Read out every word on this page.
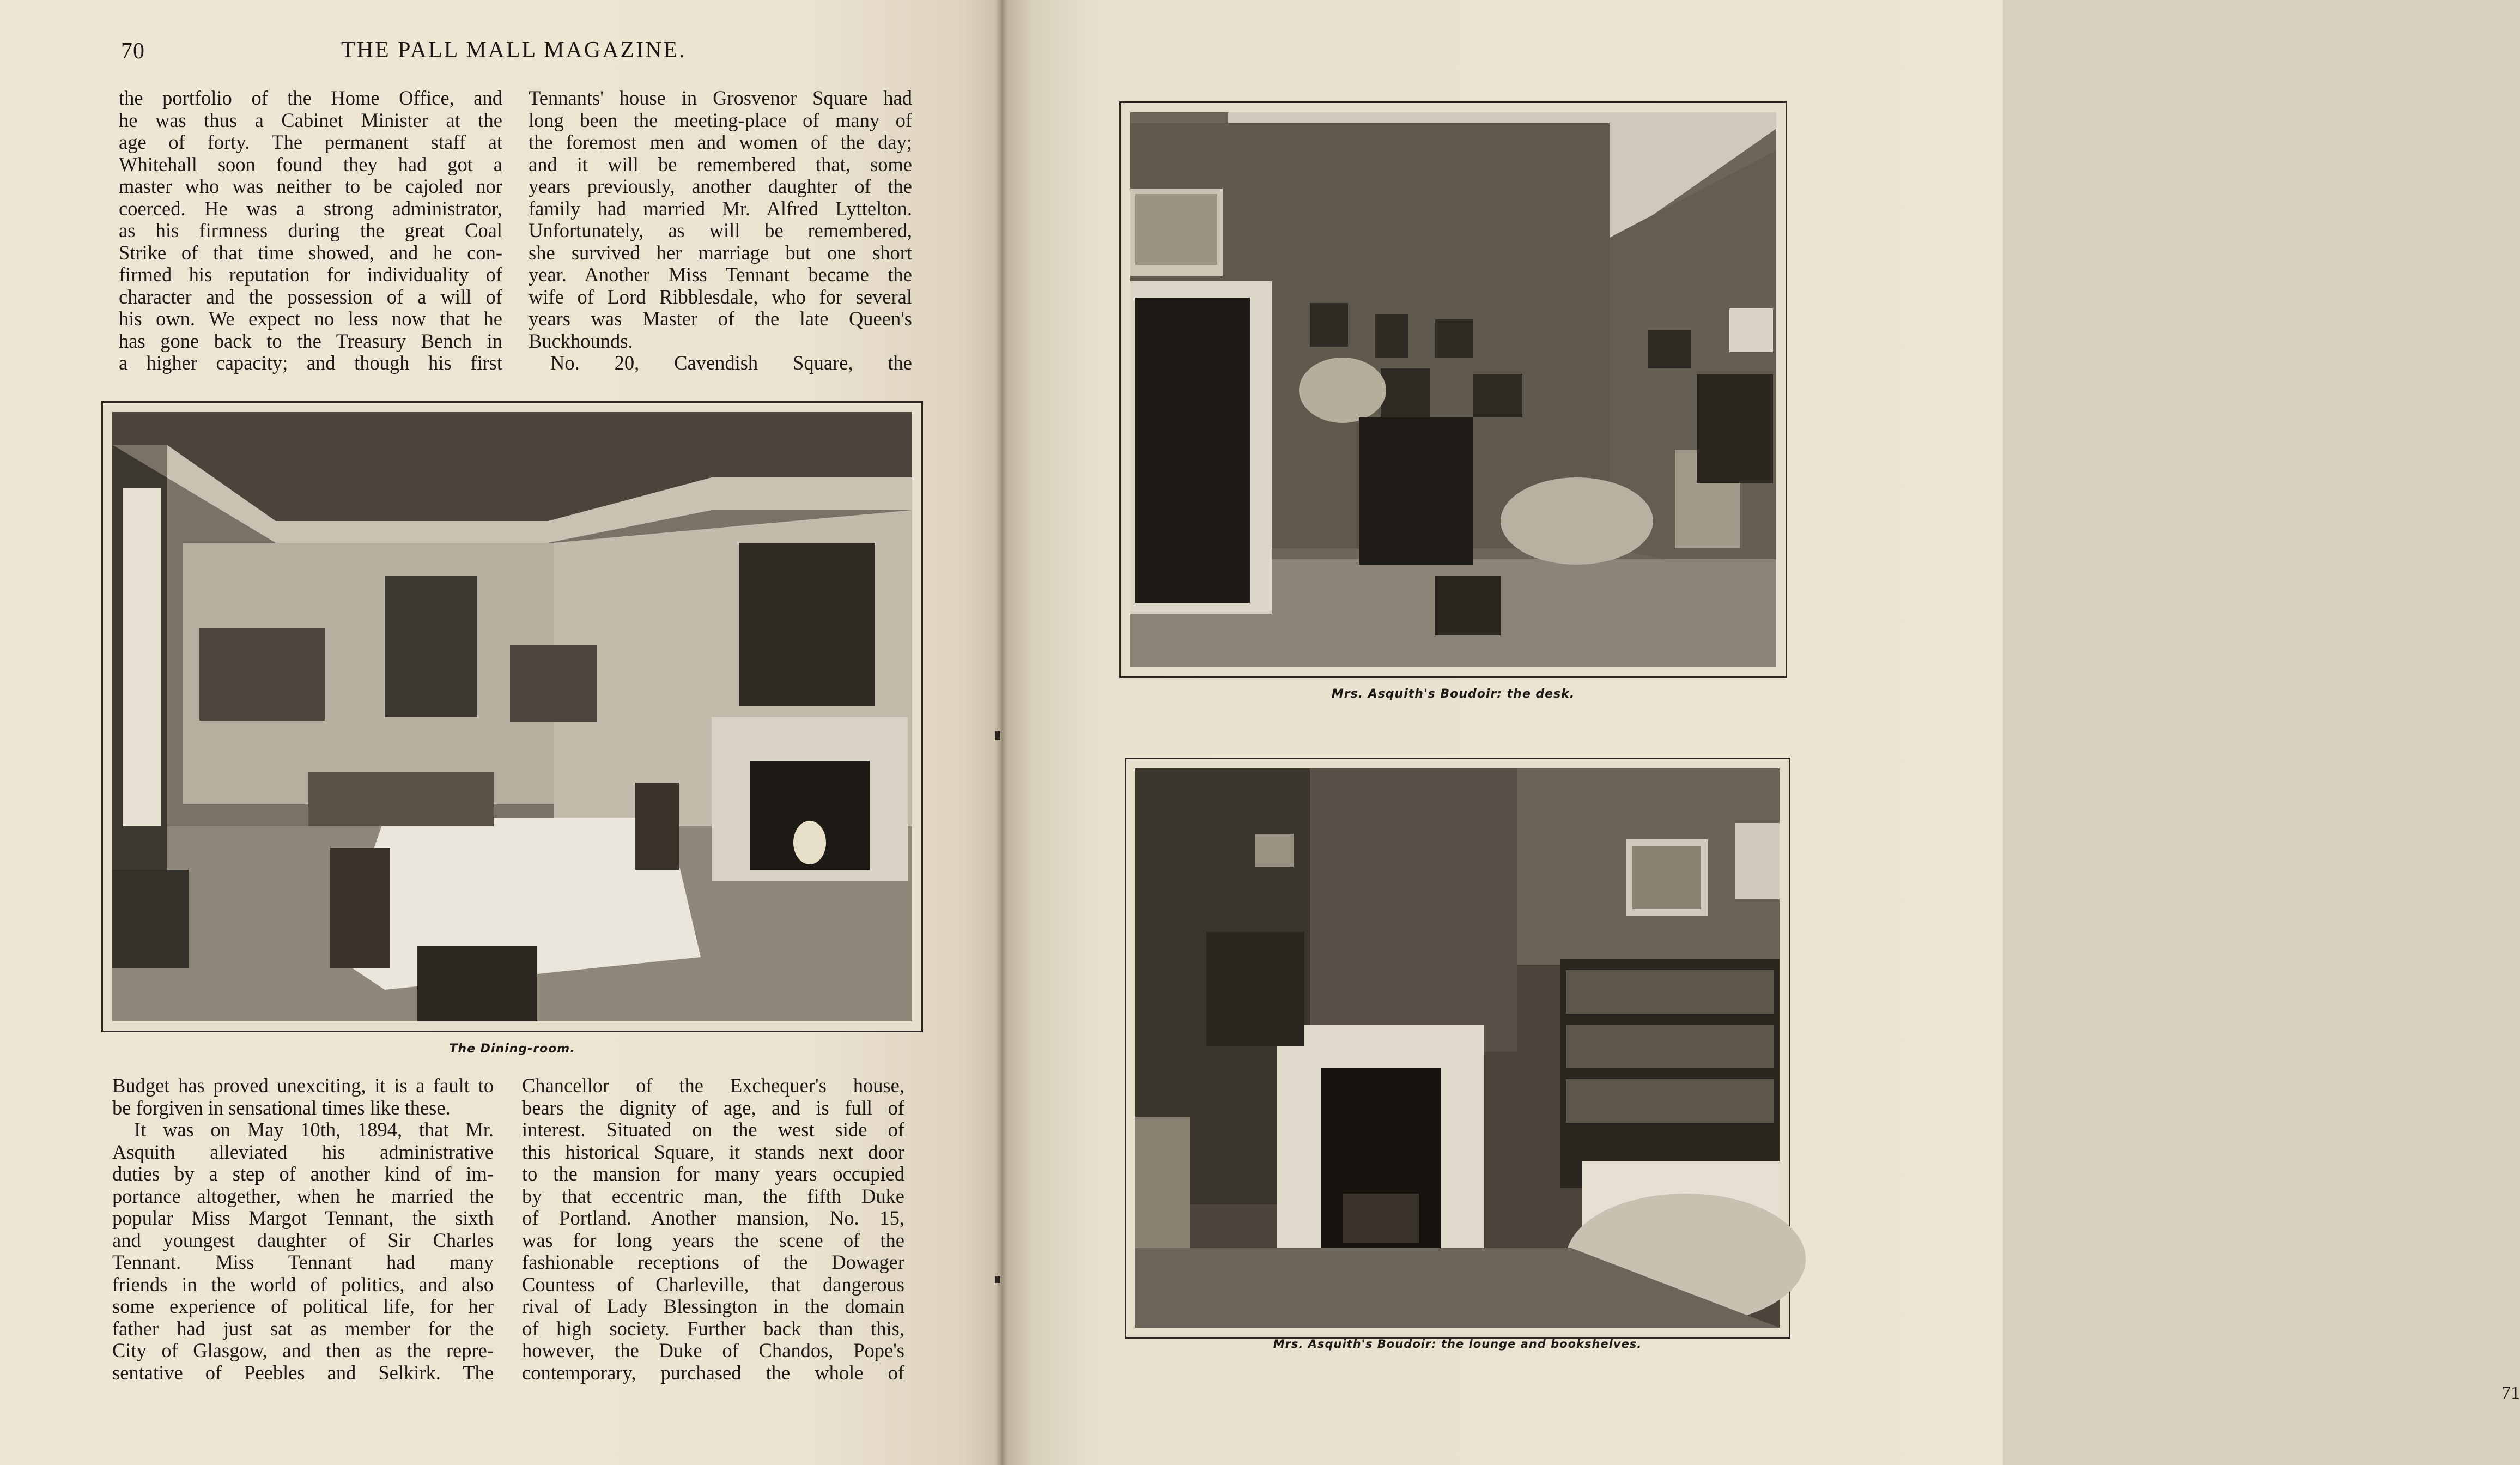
70	THE PALL MALL MAGAZINE.

the portfolio of the Home Office, and

he was thus a Cabinet Minister at the

age of forty. The permanent staff at

Whitehall soon found they had got a

master who was neither to be cajoled nor

coerced. He was a strong administrator,

as his firmness during the great Coal

Strike of that time showed, and he con-

firmed his reputation for individuality of

character and the possession of a will of

his own. We expect no less now that he

has gone back to the Treasury Bench in

a higher capacity; and though his first

Tennants' house in Grosvenor Square had

long been the meeting-place of many of

the foremost men and women of the day;

and it will be remembered that, some

years previously, another daughter of the

family had married Mr. Alfred Lyttelton.

Unfortunately, as will be remembered,

she survived her marriage but one short

year. Another Miss Tennant became the

wife of Lord Ribblesdale, who for several

years was Master of the late Queen's

Buckhounds.

No. 20, Cavendish Square, the

The Dining-room.

Budget has proved unexciting, it is a fault to

be forgiven in sensational times like these.

It was on May 10th, 1894, that Mr.

Asquith alleviated his administrative

duties by a step of another kind of im-

portance altogether, when he married the

popular Miss Margot Tennant, the sixth

and youngest daughter of Sir Charles

Tennant. Miss Tennant had many

friends in the world of politics, and also

some experience of political life, for her

father had just sat as member for the

City of Glasgow, and then as the repre-

sentative of Peebles and Selkirk. The

Chancellor of the Exchequer's house,

bears the dignity of age, and is full of

interest. Situated on the west side of

this historical Square, it stands next door

to the mansion for many years occupied

by that eccentric man, the fifth Duke

of Portland. Another mansion, No. 15,

was for long years the scene of the

fashionable receptions of the Dowager

Countess of Charleville, that dangerous

rival of Lady Blessington in the domain

of high society. Further back than this,

however, the Duke of Chandos, Pope's

contemporary, purchased the whole of

Mrs. Asquith's Boudoir: the desk.
Mrs. Asquith's Boudoir: the lounge and bookshelves.
71
